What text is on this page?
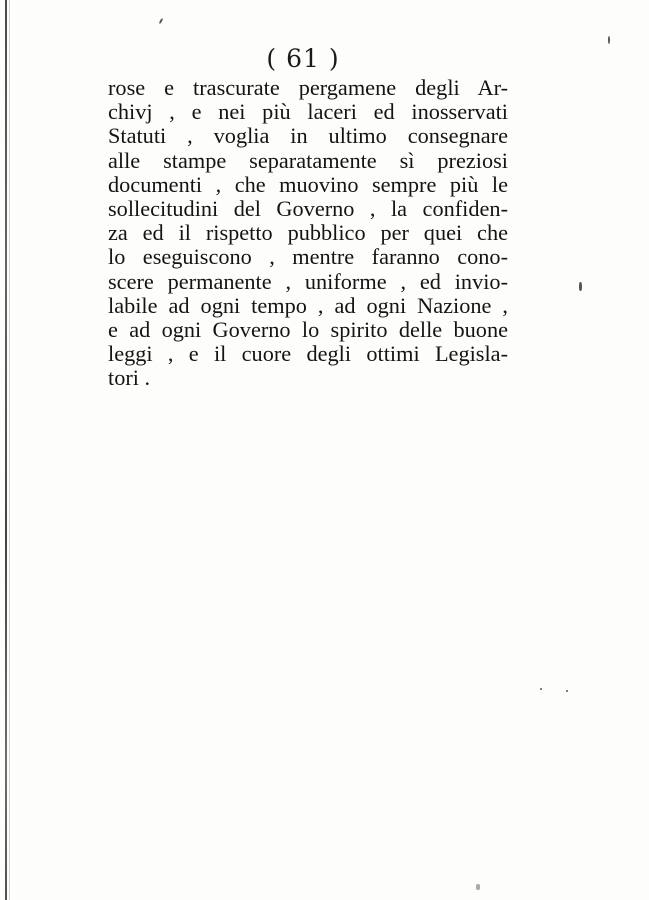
( 61 )
rose e trascurate pergamene degli Ar-
chivj , e nei più laceri ed inosservati
Statuti , voglia in ultimo consegnare
alle stampe separatamente sì preziosi
documenti , che muovino sempre più le
sollecitudini del Governo , la confiden-
za ed il rispetto pubblico per quei che
lo eseguiscono , mentre faranno cono-
scere permanente , uniforme , ed invio-
labile ad ogni tempo , ad ogni Nazione ,
e ad ogni Governo lo spirito delle buone
leggi , e il cuore degli ottimi Legisla-
tori .
